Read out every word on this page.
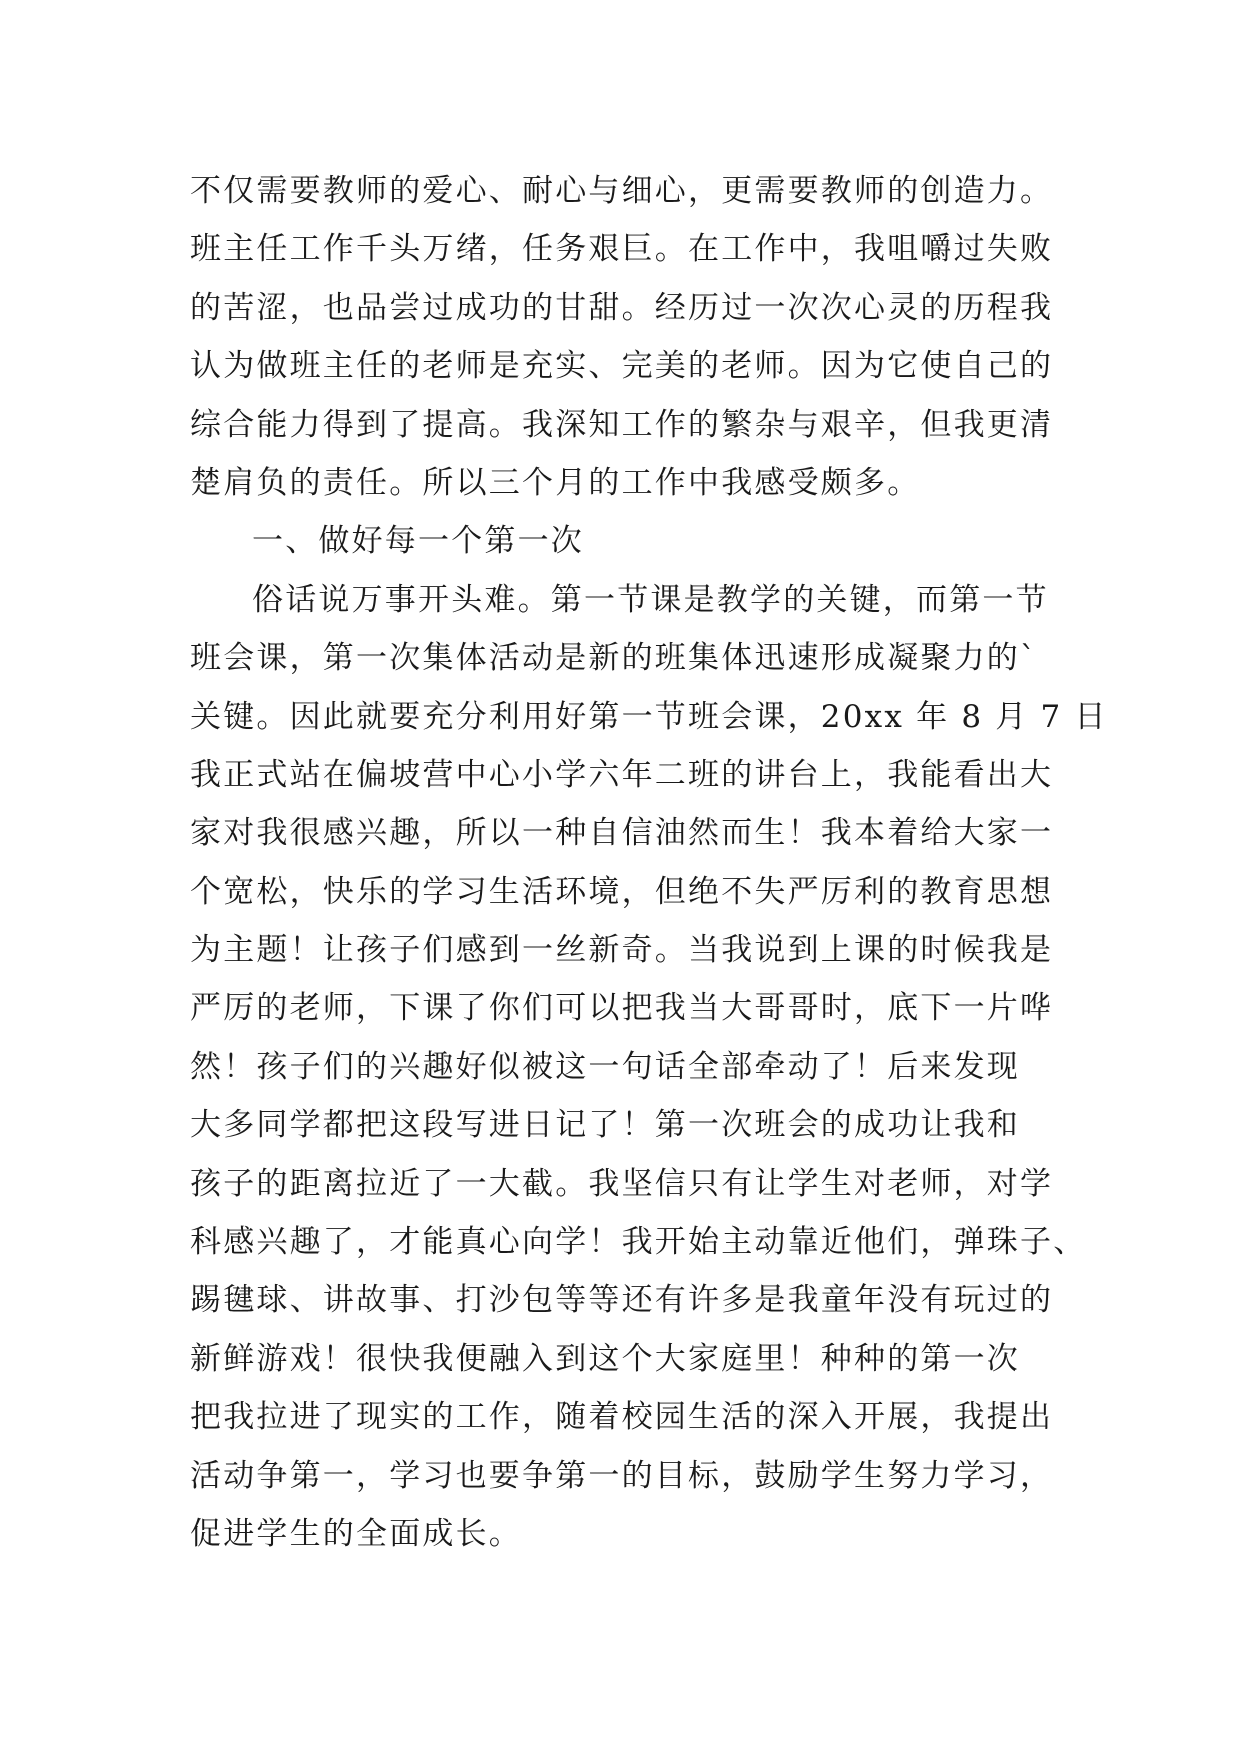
不仅需要教师的爱心、耐心与细心，更需要教师的创造力。
班主任工作千头万绪，任务艰巨。在工作中，我咀嚼过失败
的苦涩，也品尝过成功的甘甜。经历过一次次心灵的历程我
认为做班主任的老师是充实、完美的老师。因为它使自己的
综合能力得到了提高。我深知工作的繁杂与艰辛，但我更清
楚肩负的责任。所以三个月的工作中我感受颇多。
一、做好每一个第一次
俗话说万事开头难。第一节课是教学的关键，而第一节
班会课，第一次集体活动是新的班集体迅速形成凝聚力的`
关键。因此就要充分利用好第一节班会课，20xx 年 8 月 7 日
我正式站在偏坡营中心小学六年二班的讲台上，我能看出大
家对我很感兴趣，所以一种自信油然而生！我本着给大家一
个宽松，快乐的学习生活环境，但绝不失严厉利的教育思想
为主题！让孩子们感到一丝新奇。当我说到上课的时候我是
严厉的老师，下课了你们可以把我当大哥哥时，底下一片哗
然！孩子们的兴趣好似被这一句话全部牵动了！后来发现
大多同学都把这段写进日记了！第一次班会的成功让我和
孩子的距离拉近了一大截。我坚信只有让学生对老师，对学
科感兴趣了，才能真心向学！我开始主动靠近他们，弹珠子、
踢毽球、讲故事、打沙包等等还有许多是我童年没有玩过的
新鲜游戏！很快我便融入到这个大家庭里！种种的第一次
把我拉进了现实的工作，随着校园生活的深入开展，我提出
活动争第一，学习也要争第一的目标，鼓励学生努力学习，
促进学生的全面成长。
